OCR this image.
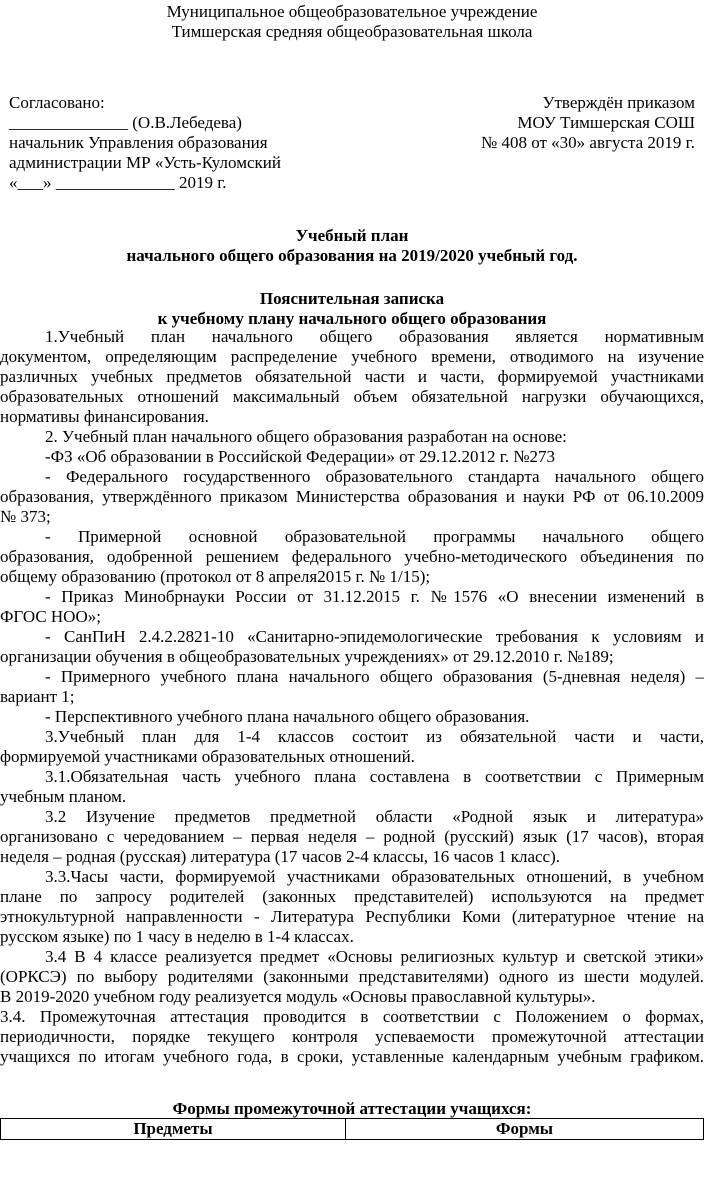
Муниципальное общеобразовательное учреждение
Тимшерская средняя общеобразовательная школа
Согласовано:
______________ (О.В.Лебедева)
начальник Управления образования
администрации МР «Усть-Куломский
«___» ______________ 2019 г.
Утверждён приказом
МОУ Тимшерская СОШ
№ 408 от «30» августа 2019 г.
Учебный план
начального общего образования на 2019/2020 учебный год.
Пояснительная записка
к учебному плану начального общего образования
1.Учебный план начального общего образования является нормативным
документом, определяющим распределение учебного времени, отводимого на изучение
различных учебных предметов обязательной части и части, формируемой участниками
образовательных отношений максимальный объем обязательной нагрузки обучающихся,
нормативы финансирования.
2. Учебный план начального общего образования разработан на основе:
-ФЗ «Об образовании в Российской Федерации» от 29.12.2012 г. №273
- Федерального государственного образовательного стандарта начального общего
образования, утверждённого приказом Министерства образования и науки РФ от 06.10.2009
№ 373;
- Примерной основной образовательной программы начального общего
образования, одобренной решением федерального учебно-методического объединения по
общему образованию (протокол от 8 апреля2015 г. № 1/15);
- Приказ Минобрнауки России от 31.12.2015 г. №1576 «О внесении изменений в
ФГОС НОО»;
- СанПиН 2.4.2.2821-10 «Санитарно-эпидемологические требования к условиям и
организации обучения в общеобразовательных учреждениях» от 29.12.2010 г. №189;
- Примерного учебного плана начального общего образования (5-дневная неделя) –
вариант 1;
- Перспективного учебного плана начального общего образования.
3.Учебный план для 1-4 классов состоит из обязательной части и части,
формируемой участниками образовательных отношений.
3.1.Обязательная часть учебного плана составлена в соответствии с Примерным
учебным планом.
3.2 Изучение предметов предметной области «Родной язык и литература»
организовано с чередованием – первая неделя – родной (русский) язык (17 часов), вторая
неделя – родная (русская) литература (17 часов 2-4 классы, 16 часов 1 класс).
3.3.Часы части, формируемой участниками образовательных отношений, в учебном
плане по запросу родителей (законных представителей) используются на предмет
этнокультурной направленности - Литература Республики Коми (литературное чтение на
русском языке) по 1 часу в неделю в 1-4 классах.
3.4 В 4 классе реализуется предмет «Основы религиозных культур и светской этики»
(ОРКСЭ) по выбору родителями (законными представителями) одного из шести модулей.
В 2019-2020 учебном году реализуется модуль «Основы православной культуры».
3.4. Промежуточная аттестация проводится в соответствии с Положением о формах,
периодичности, порядке текущего контроля успеваемости промежуточной аттестации
учащихся по итогам учебного года, в сроки, уставленные календарным учебным графиком.
Формы промежуточной аттестации учащихся:
Предметы	Формы
